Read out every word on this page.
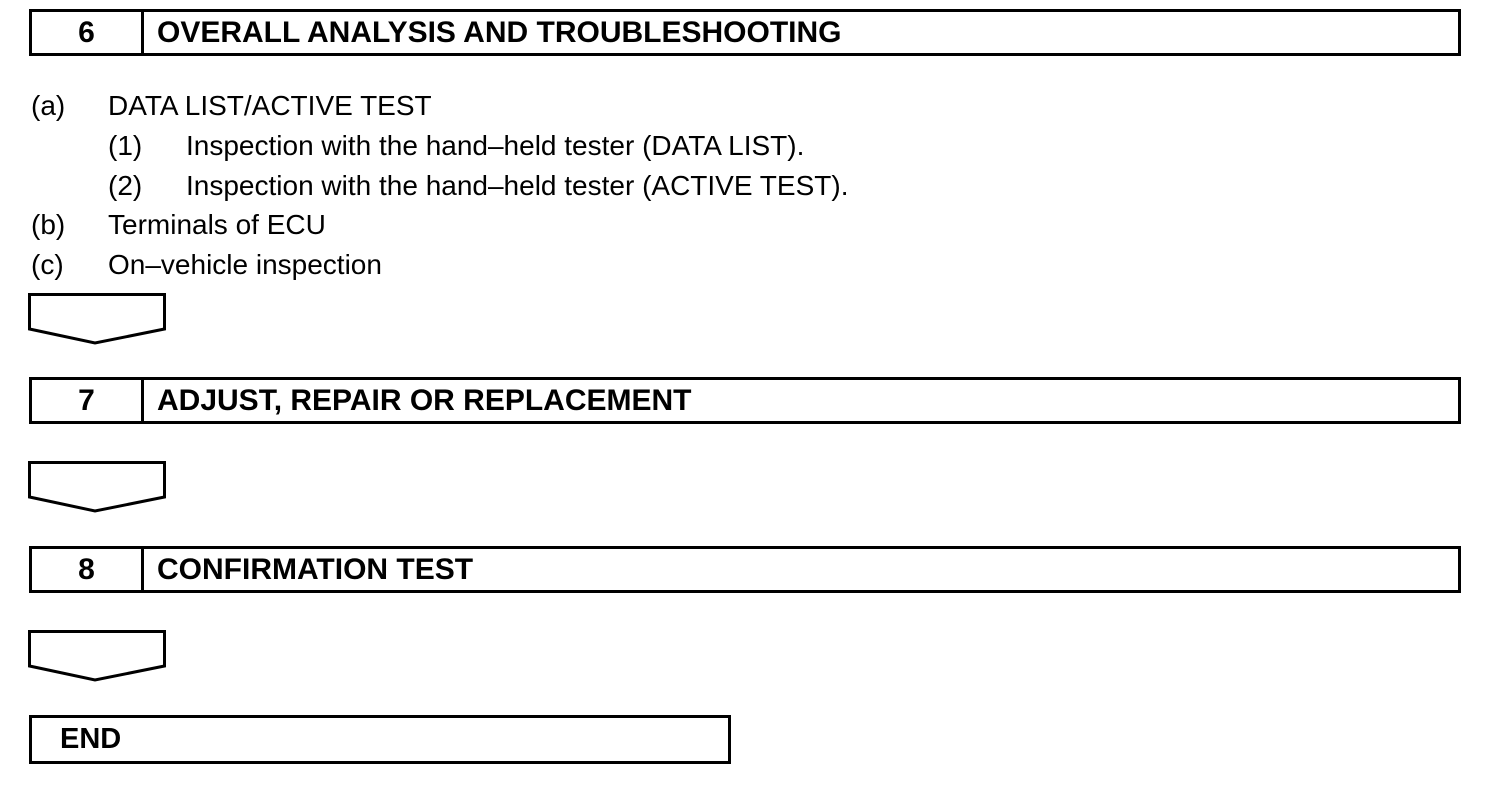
6	OVERALL ANALYSIS AND TROUBLESHOOTING
(a) DATA LIST/ACTIVE TEST
(1) Inspection with the hand–held tester (DATA LIST).
(2) Inspection with the hand–held tester (ACTIVE TEST).
(b) Terminals of ECU
(c) On–vehicle inspection
7	ADJUST, REPAIR OR REPLACEMENT
8	CONFIRMATION TEST
END
